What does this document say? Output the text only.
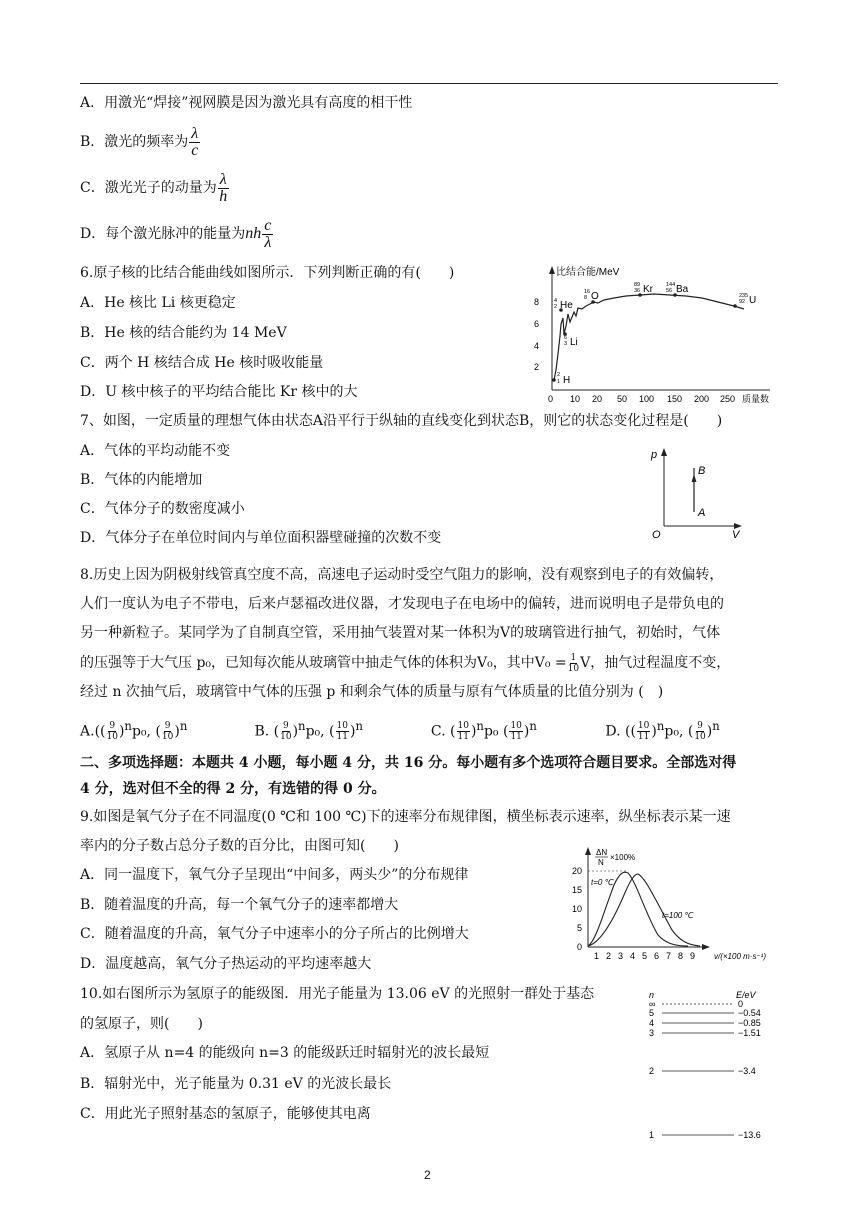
A．用激光“焊接”视网膜是因为激光具有高度的相干性
B．激光的频率为 $\frac{\lambda}{c}$
C．激光光子的动量为 $\frac{\lambda}{h}$
D．每个激光脉冲的能量为nh $\frac{c}{\lambda}$
6.原子核的比结合能曲线如图所示．下列判断正确的有(　　)
A．He 核比 Li 核更稳定
B．He 核的结合能约为 14 MeV
C．两个 H 核结合成 He 核时吸收能量
D．U 核中核子的平均结合能比 Kr 核中的大
比结合能/MeV
2
4
6
8
0 10 20 50 100 150 200 250 质量数
2
1 H
4
2 He
6
3 Li
16
8 O
89
36 Kr 144
56 Ba
235
92 U
7、如图，一定质量的理想气体由状态A沿平行于纵轴的直线变化到状态B，则它的状态变化过程是(　　)
A．气体的平均动能不变
B．气体的内能增加
C．气体分子的数密度减小
D．气体分子在单位时间内与单位面积器壁碰撞的次数不变
p
V
O
A
B
8.历史上因为阴极射线管真空度不高，高速电子运动时受空气阻力的影响，没有观察到电子的有效偏转，
人们一度认为电子不带电，后来卢瑟福改进仪器，才发现电子在电场中的偏转，进而说明电子是带负电的
另一种新粒子。某同学为了自制真空管，采用抽气装置对某一体积为V的玻璃管进行抽气，初始时，气体
的压强等于大气压 p₀，已知每次能从玻璃管中抽走气体的体积为V₀，其中$V_0 = \frac{1}{10}$ V，抽气过程温度不变，
经过 n 次抽气后，玻璃管中气体的压强 p 和剩余气体的质量与原有气体质量的比值分别为 (　)
$A.(( \frac{9}{10} )^np_0$, ( $\frac{9}{10} )^n$	B. ( $\frac{9}{10} )^np_0$, ( $\frac{10}{11} )^n$	C. ( $\frac{10}{11} )^np_0$ ( $\frac{10}{11} )^n$	D. (( $\frac{10}{11} )^np_0$, ( $\frac{9}{10} )^n$
二、多项选择题：本题共 4 小题，每小题 4 分，共 16 分。每小题有多个选项符合题目要求。全部选对得
4 分，选对但不全的得 2 分，有选错的得 0 分。
9.如图是氧气分子在不同温度(0 ℃和 100 ℃)下的速率分布规律图，横坐标表示速率，纵坐标表示某一速
率内的分子数占总分子数的百分比，由图可知(　　)
A．同一温度下，氧气分子呈现出“中间多，两头少”的分布规律
B．随着温度的升高，每一个氧气分子的速率都增大
C．随着温度的升高，氧气分子中速率小的分子所占的比例增大
D．温度越高，氧气分子热运动的平均速率越大
ΔN
N
×100%
0
5
10
15
20
1 2 3 4 5 6 7 8 9 v/(×100 m·s⁻¹)
t=0 ℃
t=100 ℃
10.如右图所示为氢原子的能级图．用光子能量为 13.06 eV 的光照射一群处于基态
的氢原子，则(　　)
A．氢原子从 n=4 的能级向 n=3 的能级跃迁时辐射光的波长最短
B．辐射光中，光子能量为 0.31 eV 的光波长最长
C．用此光子照射基态的氢原子，能够使其电离
n	E/eV
∞	0
5	−0.54
4	−0.85
3	−1.51
2	−3.4
1	−13.6
2
